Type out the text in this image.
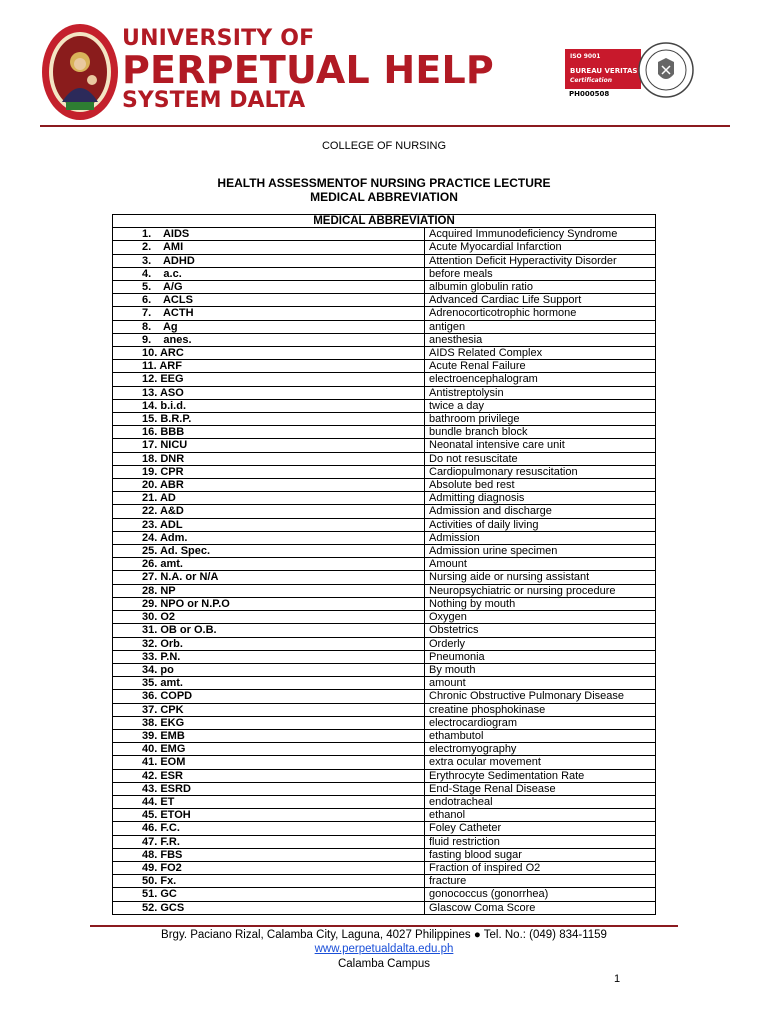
UNIVERSITY OF
PERPETUAL HELP
SYSTEM DALTA
ISO 9001
BUREAU VERITAS
Certification
PH000508
COLLEGE OF NURSING
HEALTH ASSESSMENTOF NURSING PRACTICE LECTURE
MEDICAL ABBREVIATION
MEDICAL ABBREVIATION	
1.    AIDS	Acquired Immunodeficiency Syndrome
2.    AMI	Acute Myocardial Infarction
3.    ADHD	Attention Deficit Hyperactivity Disorder
4.    a.c.	before meals
5.    A/G	albumin globulin ratio
6.    ACLS	Advanced Cardiac Life Support
7.    ACTH	Adrenocorticotrophic hormone
8.    Ag	antigen
9.    anes.	anesthesia
10. ARC	AIDS Related Complex
11. ARF	Acute Renal Failure
12. EEG	electroencephalogram
13. ASO	Antistreptolysin
14. b.i.d.	twice a day
15. B.R.P.	bathroom privilege
16. BBB	bundle branch block
17. NICU	Neonatal intensive care unit
18. DNR	Do not resuscitate
19. CPR	Cardiopulmonary resuscitation
20. ABR	Absolute bed rest
21. AD	Admitting diagnosis
22. A&D	Admission and discharge
23. ADL	Activities of daily living
24. Adm.	Admission
25. Ad. Spec.	Admission urine specimen
26. amt.	Amount
27. N.A. or N/A	Nursing aide or nursing assistant
28. NP	Neuropsychiatric or nursing procedure
29. NPO or N.P.O	Nothing by mouth
30. O2	Oxygen
31. OB or O.B.	Obstetrics
32. Orb.	Orderly
33. P.N.	Pneumonia
34. po	By mouth
35. amt.	amount
36. COPD	Chronic Obstructive Pulmonary Disease
37. CPK	creatine phosphokinase
38. EKG	electrocardiogram
39. EMB	ethambutol
40. EMG	electromyography
41. EOM	extra ocular movement
42. ESR	Erythrocyte Sedimentation Rate
43. ESRD	End-Stage Renal Disease
44. ET	endotracheal
45. ETOH	ethanol
46. F.C.	Foley Catheter
47. F.R.	fluid restriction
48. FBS	fasting blood sugar
49. FO2	Fraction of inspired O2
50. Fx.	fracture
51. GC	gonococcus (gonorrhea)
52. GCS	Glascow Coma Score
Brgy. Paciano Rizal, Calamba City, Laguna, 4027 Philippines ● Tel. No.: (049) 834-1159
www.perpetualdalta.edu.ph
Calamba Campus
1
